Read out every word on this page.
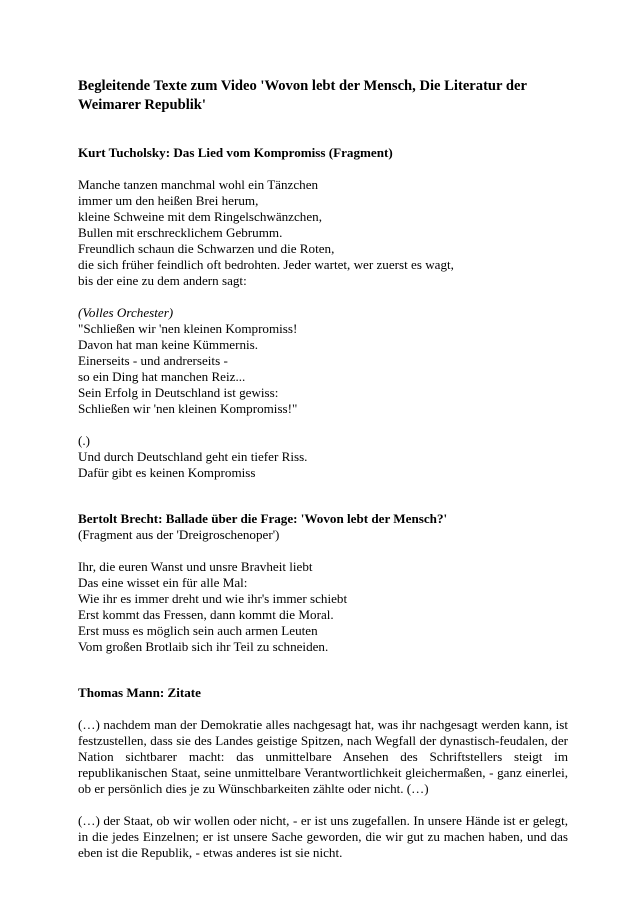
Begleitende Texte zum Video 'Wovon lebt der Mensch, Die Literatur der
Weimarer Republik'
Kurt Tucholsky: Das Lied vom Kompromiss (Fragment)
Manche tanzen manchmal wohl ein Tänzchen
immer um den heißen Brei herum,
kleine Schweine mit dem Ringelschwänzchen,
Bullen mit erschrecklichem Gebrumm.
Freundlich schaun die Schwarzen und die Roten,
die sich früher feindlich oft bedrohten. Jeder wartet, wer zuerst es wagt,
bis der eine zu dem andern sagt:
(Volles Orchester)
"Schließen wir 'nen kleinen Kompromiss!
Davon hat man keine Kümmernis.
Einerseits - und andrerseits -
so ein Ding hat manchen Reiz...
Sein Erfolg in Deutschland ist gewiss:
Schließen wir 'nen kleinen Kompromiss!"
(.)
Und durch Deutschland geht ein tiefer Riss.
Dafür gibt es keinen Kompromiss
Bertolt Brecht: Ballade über die Frage: 'Wovon lebt der Mensch?'
(Fragment aus der 'Dreigroschenoper')
Ihr, die euren Wanst und unsre Bravheit liebt
Das eine wisset ein für alle Mal:
Wie ihr es immer dreht und wie ihr's immer schiebt
Erst kommt das Fressen, dann kommt die Moral.
Erst muss es möglich sein auch armen Leuten
Vom großen Brotlaib sich ihr Teil zu schneiden.
Thomas Mann: Zitate

(…) nachdem man der Demokratie alles nachgesagt hat, was ihr nachgesagt werden kann, ist festzustellen, dass sie des Landes geistige Spitzen, nach Wegfall der dynastisch-feudalen, der Nation sichtbarer macht: das unmittelbare Ansehen des Schriftstellers steigt im republikanischen Staat, seine unmittelbare Verantwortlichkeit gleichermaßen, - ganz einerlei, ob er persönlich dies je zu Wünschbarkeiten zählte oder nicht. (…)

(…) der Staat, ob wir wollen oder nicht, - er ist uns zugefallen. In unsere Hände ist er gelegt, in die jedes Einzelnen; er ist unsere Sache geworden, die wir gut zu machen haben, und das eben ist die Republik, - etwas anderes ist sie nicht.
